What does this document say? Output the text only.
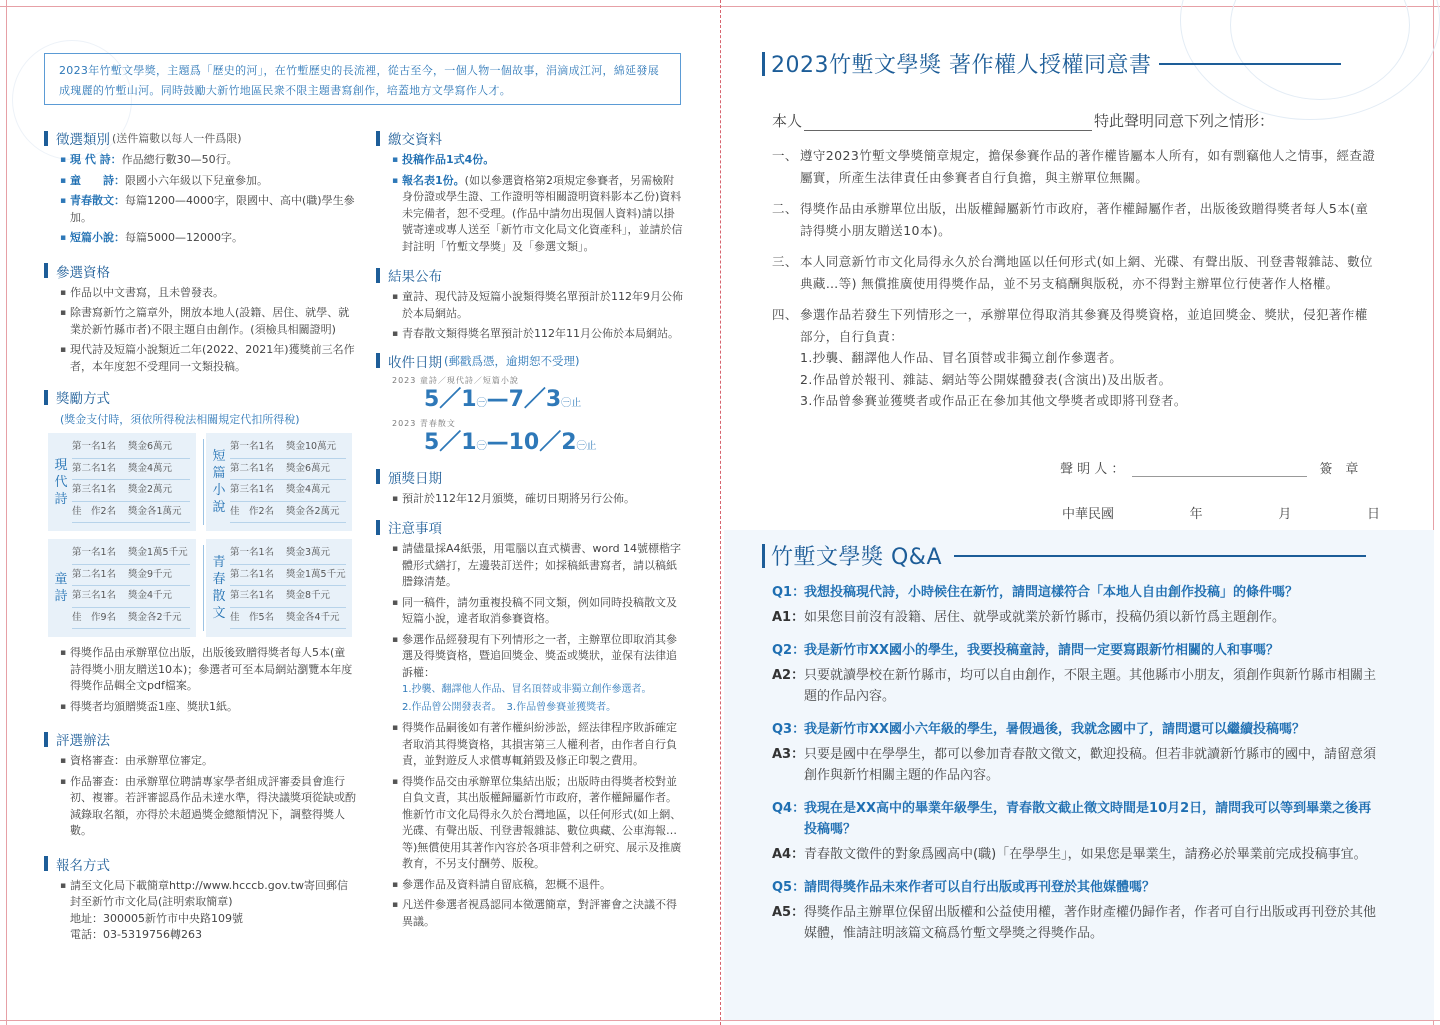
2023年竹塹文學獎，主題爲「歷史的河」，在竹塹歷史的長流裡，從古至今，一個人物一個故事，涓滴成江河，綿延發展成瑰麗的竹塹山河。同時鼓勵大新竹地區民衆不限主題書寫創作，培蓋地方文學寫作人才。
徵選類別 (送件篇數以每人一件爲限)
▪ 現 代 詩：作品總行數30—50行。
▪ 童　　詩：限國小六年級以下兒童參加。
▪ 青春散文：每篇1200—4000字，限國中、高中(職)學生參加。
▪ 短篇小說：每篇5000—12000字。
參選資格
▪ 作品以中文書寫，且未曾發表。
▪ 除書寫新竹之篇章外，開放本地人(設籍、居住、就學、就業於新竹縣市者)不限主題自由創作。(須檢具相關證明)
▪ 現代詩及短篇小說類近二年(2022、2021年)獲獎前三名作者，本年度恕不受理同一文類投稿。
獎勵方式
(獎金支付時，須依所得稅法相關規定代扣所得稅)
現
代
詩
第一名1名	獎金6萬元
第二名1名	獎金4萬元
第三名1名	獎金2萬元
佳　作2名	獎金各1萬元
短
篇
小
說
第一名1名	獎金10萬元
第二名1名	獎金6萬元
第三名1名	獎金4萬元
佳　作2名	獎金各2萬元
童
詩
第一名1名	獎金1萬5千元
第二名1名	獎金9千元
第三名1名	獎金4千元
佳　作9名	獎金各2千元
青
春
散
文
第一名1名	獎金3萬元
第二名1名	獎金1萬5千元
第三名1名	獎金8千元
佳　作5名	獎金各4千元
▪ 得獎作品由承辦單位出版，出版後致贈得獎者每人5本(童詩得獎小朋友贈送10本)；參選者可至本局網站瀏覽本年度得獎作品輯全文pdf檔案。
▪ 得獎者均頒贈獎盃1座、獎狀1紙。
評選辦法
▪ 資格審查：由承辦單位審定。
▪ 作品審查：由承辦單位聘請專家學者組成評審委員會進行初、複審。若評審認爲作品未達水準，得決議獎項從缺或酌減錄取名額，亦得於未超過獎金總額情況下，調整得獎人數。
報名方式
▪ 請至文化局下載簡章http://www.hcccb.gov.tw寄回郵信封至新竹市文化局(註明索取簡章)
地址：300005新竹市中央路109號
電話：03-5319756轉263
繳交資料
▪ 投稿作品1式4份。
▪ 報名表1份。(如以參選資格第2項規定參賽者，另需檢附身份證或學生證、工作證明等相關證明資料影本乙份)資料未完備者，恕不受理。(作品中請勿出現個人資料)請以掛號寄達或專人送至「新竹市文化局文化資產科」，並請於信封註明「竹塹文學獎」及「參選文類」。
結果公布
▪ 童詩、現代詩及短篇小說類得獎名單預計於112年9月公佈於本局網站。
▪ 青春散文類得獎名單預計於112年11月公佈於本局網站。
收件日期 (郵戳爲憑，逾期恕不受理)
2023 童詩／現代詩／短篇小說
5／1㊀—7／3㊀止
2023 青春散文
5／1㊀—10／2㊀止
頒獎日期
▪ 預計於112年12月頒獎，確切日期將另行公佈。
注意事項
▪ 請儘量採A4紙張，用電腦以直式橫書、word 14號標楷字體形式繕打，左邊裝訂送件；如採稿紙書寫者，請以稿紙謄錄清楚。
▪ 同一稿件，請勿重複投稿不同文類，例如同時投稿散文及短篇小說，違者取消參賽資格。
▪ 參選作品經發現有下列情形之一者，主辦單位即取消其參選及得獎資格，暨追回獎金、獎盃或獎狀，並保有法律追訴權：
1.抄襲、翻譯他人作品、冒名頂替或非獨立創作參選者。
2.作品曾公開發表者。　3.作品曾參賽並獲獎者。
▪ 得獎作品嗣後如有著作權糾紛涉訟，經法律程序敗訴確定者取消其得獎資格，其損害第三人權利者，由作者自行負責，並對遊反人求償專輒銷毀及修正印製之費用。
▪ 得獎作品交由承辦單位集結出版；出版時由得獎者校對並自負文責，其出版權歸屬新竹市政府，著作權歸屬作者。惟新竹市文化局得永久於台灣地區，以任何形式(如上網、光碟、有聲出版、刊登書報雜誌、數位典藏、公車海報…等)無償使用其著作內容於各項非營利之研究、展示及推廣教育，不另支付酬勞、版稅。
▪ 參選作品及資料請自留底稿，恕概不退件。
▪ 凡送件參選者視爲認同本徵選簡章，對評審會之決議不得異議。
2023竹塹文學獎 著作權人授權同意書
本人	特此聲明同意下列之情形：
一、 遵守2023竹塹文學獎簡章規定，擔保參賽作品的著作權皆屬本人所有，如有剽竊他人之情事，經查證屬實，所產生法律責任由參賽者自行負擔，與主辦單位無關。
二、 得獎作品由承辦單位出版，出版權歸屬新竹市政府，著作權歸屬作者，出版後致贈得獎者每人5本(童詩得獎小朋友贈送10本)。
三、 本人同意新竹市文化局得永久於台灣地區以任何形式(如上網、光碟、有聲出版、刊登書報雜誌、數位典藏…等) 無償推廣使用得獎作品，並不另支稿酬與版税，亦不得對主辦單位行使著作人格權。
四、 參選作品若發生下列情形之一，承辦單位得取消其參賽及得獎資格，並追回獎金、獎狀，侵犯著作權部分，自行負責：
1.抄襲、翻譯他人作品、冒名頂替或非獨立創作參選者。
2.作品曾於報刊、雜誌、網站等公開媒體發表(含演出)及出版者。
3.作品曾參賽並獲獎者或作品正在參加其他文學獎者或即將刊登者。
聲 明 人 ：	簽　章
中華民國	年	月	日
竹塹文學獎 Q&A
Q1：
我想投稿現代詩，小時候住在新竹，請問這樣符合「本地人自由創作投稿」的條件嗎？
A1： 如果您目前沒有設籍、居住、就學或就業於新竹縣市，投稿仍須以新竹爲主題創作。
Q2：
我是新竹市XX國小的學生，我要投稿童詩，請問一定要寫跟新竹相關的人和事嗎？
A2： 只要就讀學校在新竹縣市，均可以自由創作，不限主題。其他縣市小朋友，須創作與新竹縣市相關主題的作品內容。
Q3：
我是新竹市XX國小六年級的學生，暑假過後，我就念國中了，請問還可以繼續投稿嗎？
A3： 只要是國中在學學生，都可以參加青春散文徵文，歡迎投稿。但若非就讀新竹縣市的國中，請留意須創作與新竹相關主題的作品內容。
Q4：
我現在是XX高中的畢業年級學生，青春散文截止徵文時間是10月2日，請問我可以等到畢業之後再投稿嗎？
A4： 青春散文徵件的對象爲國高中(職)「在學學生」，如果您是畢業生，請務必於畢業前完成投稿事宜。
Q5：
請問得獎作品未來作者可以自行出版或再刊登於其他媒體嗎？
A5： 得獎作品主辦單位保留出版權和公益使用權，著作財產權仍歸作者，作者可自行出版或再刊登於其他媒體，惟請註明該篇文稿爲竹塹文學獎之得獎作品。
